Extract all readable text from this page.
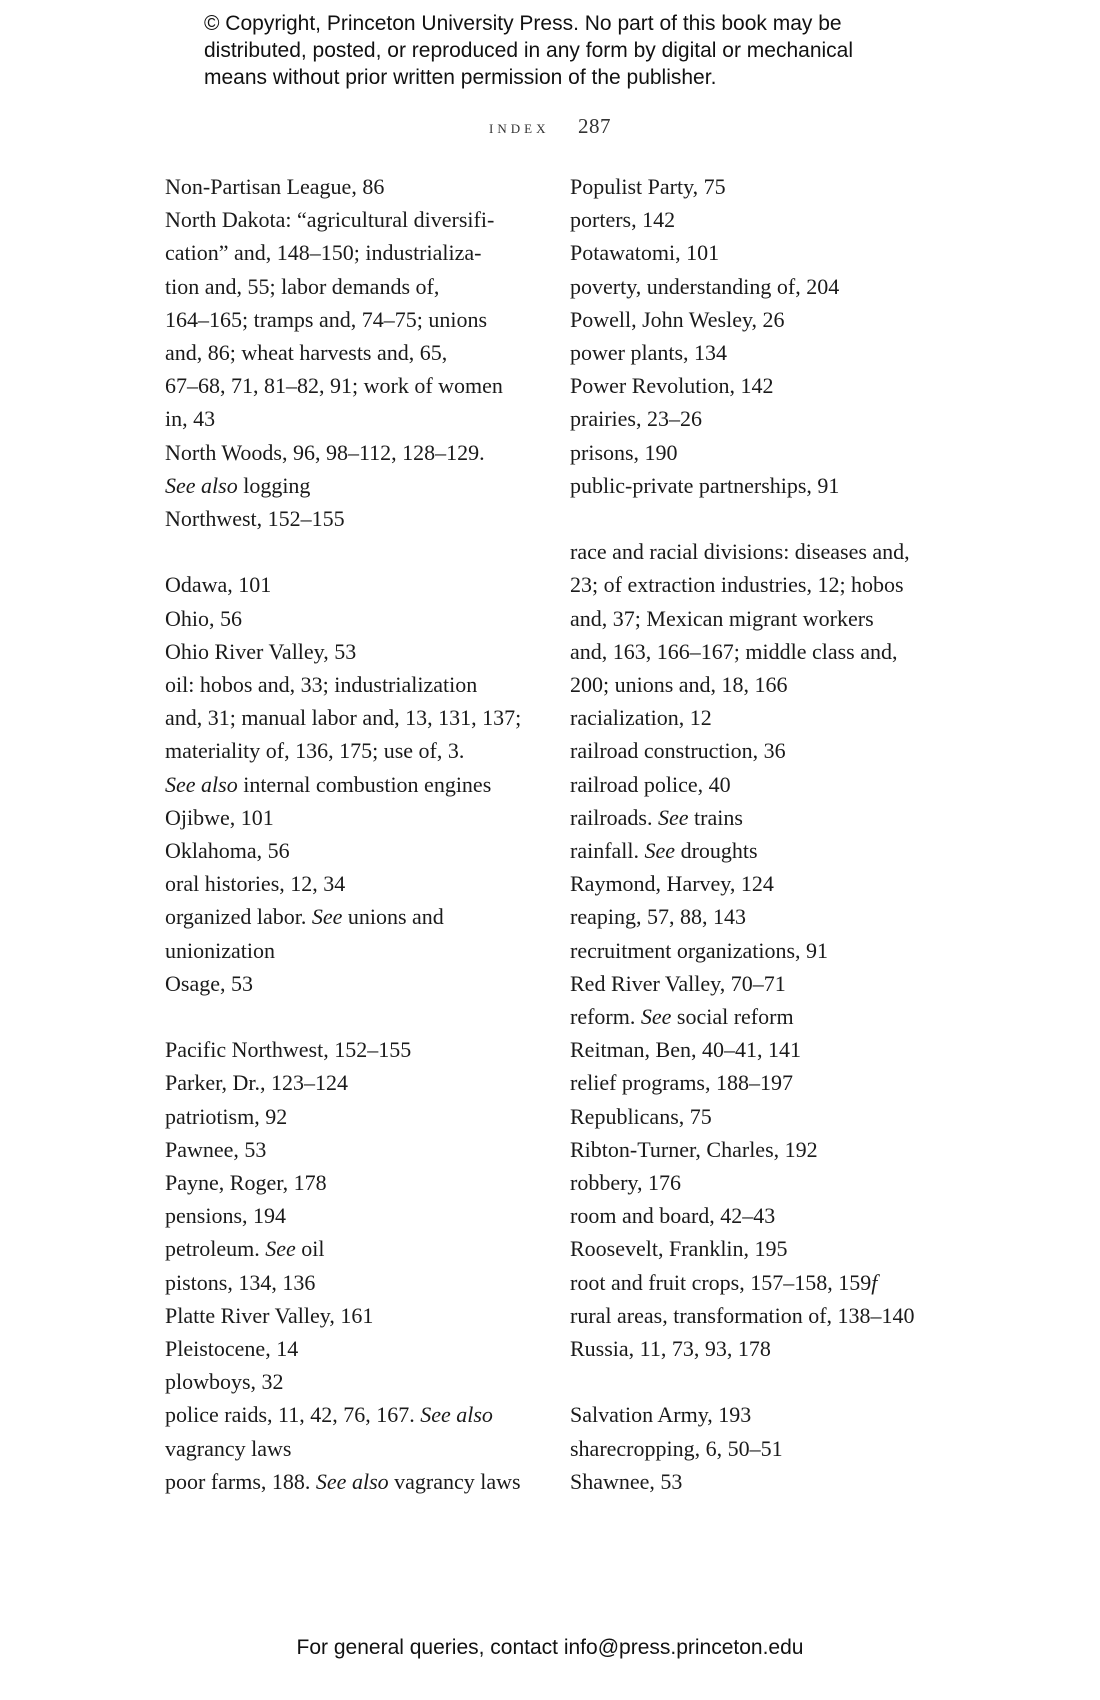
© Copyright, Princeton University Press. No part of this book may be
distributed, posted, or reproduced in any form by digital or mechanical
means without prior written permission of the publisher.
index 287

Non-Partisan League, 86

North Dakota: “agricultural diversifi-
cation” and, 148–150; industrializa-
tion and, 55; labor demands of,
164–165; tramps and, 74–75; unions
and, 86; wheat harvests and, 65,
67–68, 71, 81–82, 91; work of women
in, 43

North Woods, 96, 98–112, 128–129.
See also logging

Northwest, 152–155

Odawa, 101

Ohio, 56

Ohio River Valley, 53

oil: hobos and, 33; industrialization
and, 31; manual labor and, 13, 131, 137;
materiality of, 136, 175; use of, 3.
See also internal combustion engines

Ojibwe, 101

Oklahoma, 56

oral histories, 12, 34

organized labor. See unions and
unionization

Osage, 53

Pacific Northwest, 152–155

Parker, Dr., 123–124

patriotism, 92

Pawnee, 53

Payne, Roger, 178

pensions, 194

petroleum. See oil

pistons, 134, 136

Platte River Valley, 161

Pleistocene, 14

plowboys, 32

police raids, 11, 42, 76, 167. See also
vagrancy laws

poor farms, 188. See also vagrancy laws

Populist Party, 75

porters, 142

Potawatomi, 101

poverty, understanding of, 204

Powell, John Wesley, 26

power plants, 134

Power Revolution, 142

prairies, 23–26

prisons, 190

public-private partnerships, 91

race and racial divisions: diseases and,
23; of extraction industries, 12; hobos
and, 37; Mexican migrant workers
and, 163, 166–167; middle class and,
200; unions and, 18, 166

racialization, 12

railroad construction, 36

railroad police, 40

railroads. See trains

rainfall. See droughts

Raymond, Harvey, 124

reaping, 57, 88, 143

recruitment organizations, 91

Red River Valley, 70–71

reform. See social reform

Reitman, Ben, 40–41, 141

relief programs, 188–197

Republicans, 75

Ribton-Turner, Charles, 192

robbery, 176

room and board, 42–43

Roosevelt, Franklin, 195

root and fruit crops, 157–158, 159f

rural areas, transformation of, 138–140

Russia, 11, 73, 93, 178

Salvation Army, 193

sharecropping, 6, 50–51

Shawnee, 53

For general queries, contact info@press.princeton.edu
